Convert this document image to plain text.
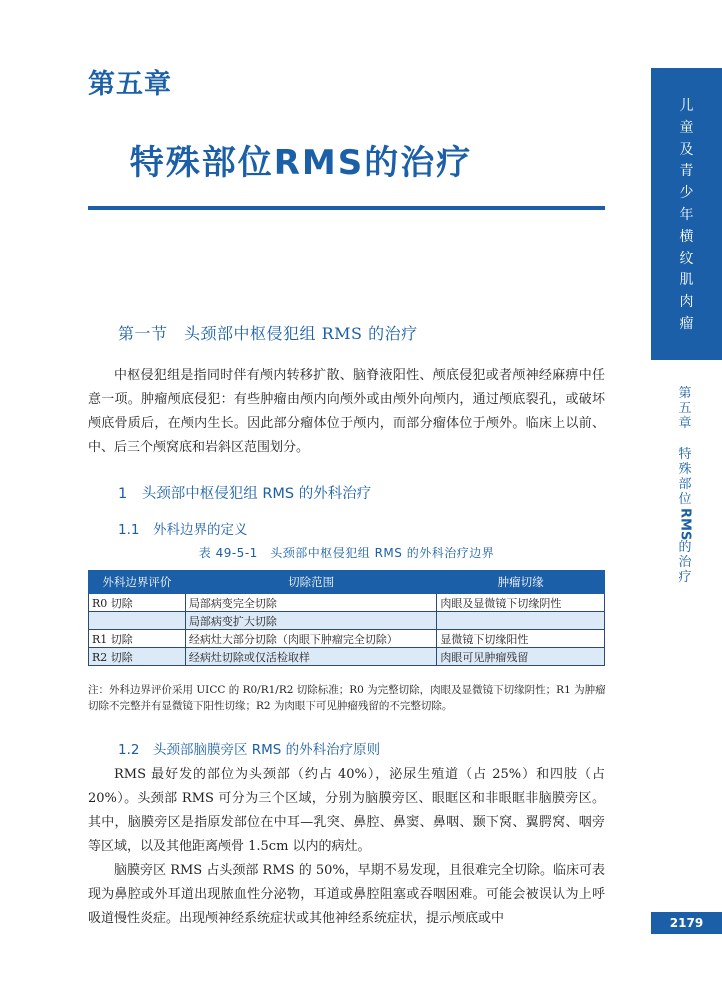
第五章
特殊部位RMS的治疗
儿
童
及
青
少
年
横
纹
肌
肉
瘤
第
五
章

特
殊
部
位
RMS
的
治
疗
2179
第一节　头颈部中枢侵犯组 RMS 的治疗
中枢侵犯组是指同时伴有颅内转移扩散、脑脊液阳性、颅底侵犯或者颅神经麻痹中任意一项。肿瘤颅底侵犯：有些肿瘤由颅内向颅外或由颅外向颅内，通过颅底裂孔，或破坏颅底骨质后，在颅内生长。因此部分瘤体位于颅内，而部分瘤体位于颅外。临床上以前、中、后三个颅窝底和岩斜区范围划分。
1　头颈部中枢侵犯组 RMS 的外科治疗
1.1　外科边界的定义
表 49-5-1　头颈部中枢侵犯组 RMS 的外科治疗边界
外科边界评价	切除范围	肿瘤切缘
R0 切除	局部病变完全切除	肉眼及显微镜下切缘阴性
	局部病变扩大切除	
R1 切除	经病灶大部分切除（肉眼下肿瘤完全切除）	显微镜下切缘阳性
R2 切除	经病灶切除或仅活检取样	肉眼可见肿瘤残留
注：外科边界评价采用 UICC 的 R0/R1/R2 切除标准；R0 为完整切除，肉眼及显微镜下切缘阴性；R1 为肿瘤切除不完整并有显微镜下阳性切缘；R2 为肉眼下可见肿瘤残留的不完整切除。
1.2　头颈部脑膜旁区 RMS 的外科治疗原则
RMS 最好发的部位为头颈部（约占 40%），泌尿生殖道（占 25%）和四肢（占 20%）。头颈部 RMS 可分为三个区域，分别为脑膜旁区、眼眶区和非眼眶非脑膜旁区。其中，脑膜旁区是指原发部位在中耳—乳突、鼻腔、鼻窦、鼻咽、颞下窝、翼腭窝、咽旁等区域，以及其他距离颅骨 1.5cm 以内的病灶。
脑膜旁区 RMS 占头颈部 RMS 的 50%，早期不易发现，且很难完全切除。临床可表现为鼻腔或外耳道出现脓血性分泌物，耳道或鼻腔阻塞或吞咽困难。可能会被误认为上呼吸道慢性炎症。出现颅神经系统症状或其他神经系统症状，提示颅底或中
